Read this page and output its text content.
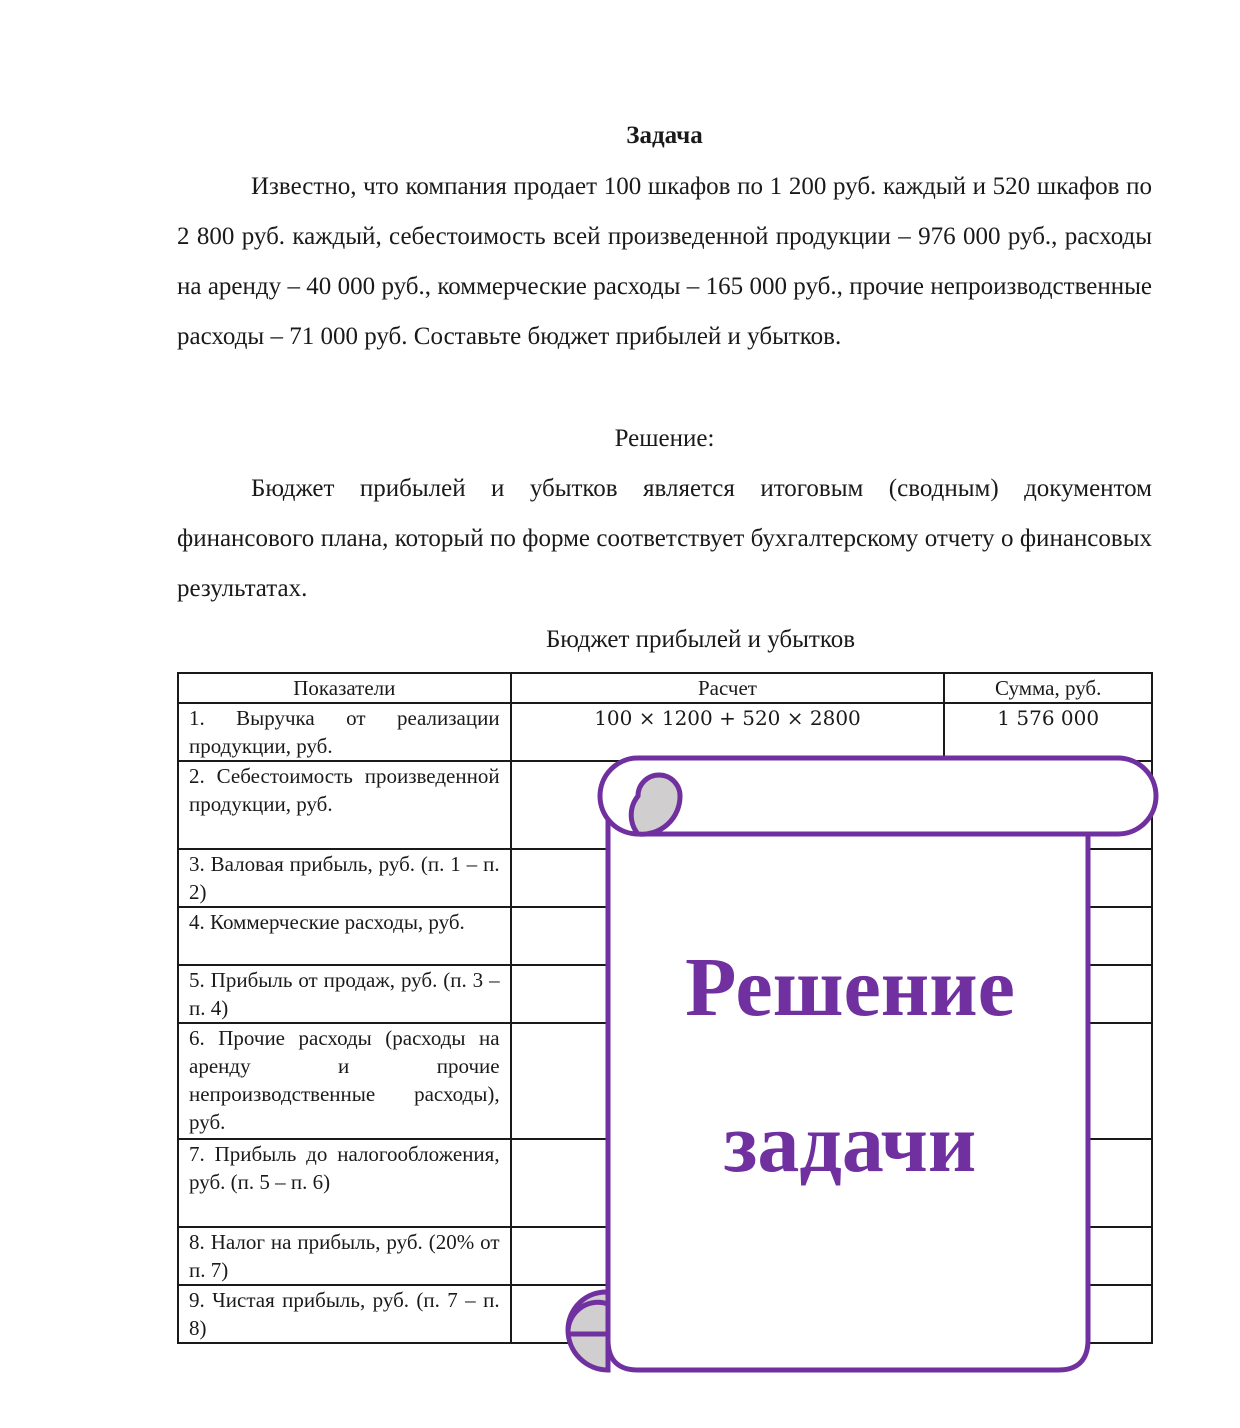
Задача

Известно, что компания продает 100 шкафов по 1 200 руб. каждый и 520 шкафов по 2 800 руб. каждый, себестоимость всей произведенной продукции – 976 000 руб., расходы на аренду – 40 000 руб., коммерческие расходы – 165 000 руб., прочие непроизводственные расходы – 71 000 руб. Составьте бюджет прибылей и убытков.

Решение:

Бюджет прибылей и убытков является итоговым (сводным) документом финансового плана, который по форме соответствует бухгалтерскому отчету о финансовых результатах.

Бюджет прибылей и убытков
Показатели	Расчет	Сумма, руб.
1. Выручка от реализации продукции, руб.	100 × 1200 + 520 × 2800	1 576 000
2. Себестоимость произведенной продукции, руб.		
3. Валовая прибыль, руб. (п. 1 – п. 2)		
4. Коммерческие расходы, руб.		
5. Прибыль от продаж, руб. (п. 3 – п. 4)		
6. Прочие расходы (расходы на аренду и прочие непроизводственные расходы), руб.		
7. Прибыль до налогообложения, руб. (п. 5 – п. 6)		
8. Налог на прибыль, руб. (20% от п. 7)		
9. Чистая прибыль, руб. (п. 7 – п. 8)		
Решение
задачи
